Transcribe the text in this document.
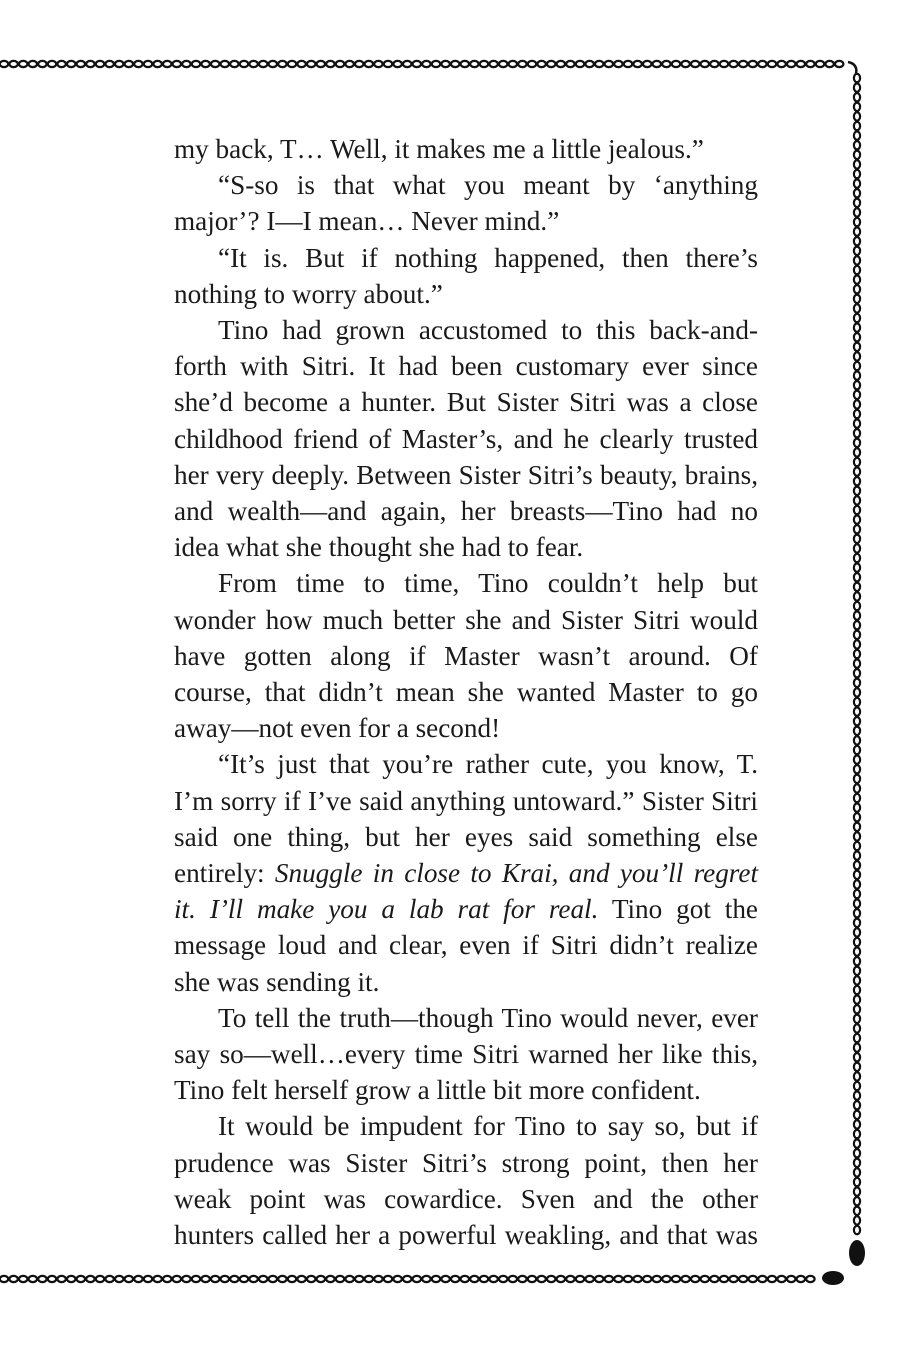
my back, T… Well, it makes me a little jealous.”

“S-so is that what you meant by ‘anything major’? I—I mean… Never mind.”

“It is. But if nothing happened, then there’s nothing to worry about.”

Tino had grown accustomed to this back-and-forth with Sitri. It had been customary ever since she’d become a hunter. But Sister Sitri was a close childhood friend of Master’s, and he clearly trusted her very deeply. Between Sister Sitri’s beauty, brains, and wealth—and again, her breasts—Tino had no idea what she thought she had to fear.

From time to time, Tino couldn’t help but wonder how much better she and Sister Sitri would have gotten along if Master wasn’t around. Of course, that didn’t mean she wanted Master to go away—not even for a second!

“It’s just that you’re rather cute, you know, T. I’m sorry if I’ve said anything untoward.” Sister Sitri said one thing, but her eyes said something else entirely: Snuggle in close to Krai, and you’ll regret it. I’ll make you a lab rat for real. Tino got the message loud and clear, even if Sitri didn’t realize she was sending it.

To tell the truth—though Tino would never, ever say so—well…every time Sitri warned her like this, Tino felt herself grow a little bit more confident.

It would be impudent for Tino to say so, but if prudence was Sister Sitri’s strong point, then her weak point was cowardice. Sven and the other hunters called her a powerful weakling, and that was
